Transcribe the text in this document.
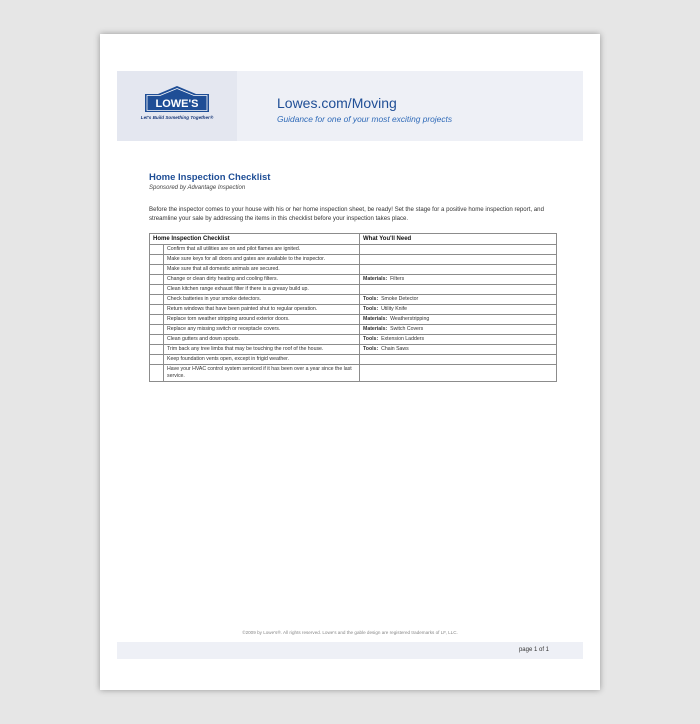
LOWE'S
Let's Build Something Together®
Lowes.com/Moving
Guidance for one of your most exciting projects
Home Inspection Checklist
Sponsored by Advantage Inspection
Before the inspector comes to your house with his or her home inspection sheet, be ready! Set the stage for a positive home inspection report, and streamline your sale by addressing the items in this checklist before your inspection takes place.
Home Inspection Checklist		What You'll Need
	Confirm that all utilities are on and pilot flames are ignited.	
	Make sure keys for all doors and gates are available to the inspector.	
	Make sure that all domestic animals are secured.	
	Change or clean dirty heating and cooling filters.	Materials: Filters
	Clean kitchen range exhaust filter if there is a greasy build up.	
	Check batteries in your smoke detectors.	Tools: Smoke Detector
	Return windows that have been painted shut to regular operation.	Tools: Utility Knife
	Replace torn weather stripping around exterior doors.	Materials: Weatherstripping
	Replace any missing switch or receptacle covers.	Materials: Switch Covers
	Clean gutters and down spouts.	Tools: Extension Ladders
	Trim back any tree limbs that may be touching the roof of the house.	Tools: Chain Saws
	Keep foundation vents open, except in frigid weather.	
	Have your HVAC control system serviced if it has been over a year since the last service.	
©2009 by Lowe's®. All rights reserved. Lowe's and the gable design are registered trademarks of LF, LLC.
page 1 of 1
